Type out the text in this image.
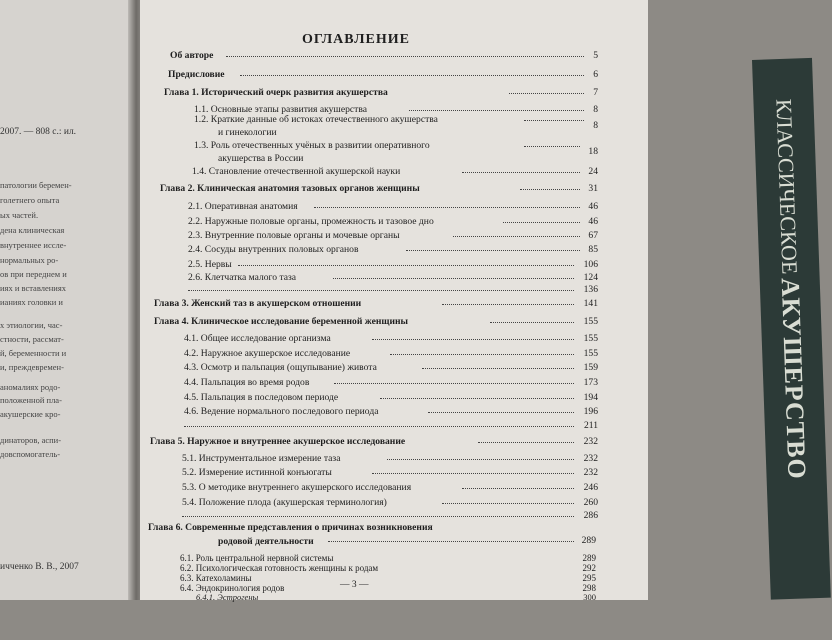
2007. — 808 с.: ил.
патологии беремен-
голетнего опыта
ых частей.
дена клиническая
внутреннее иссле-
нормальных ро-
ов при переднем и
иях и вставлениях
ианиях головки и
х этиологии, час-
стности, рассмат-
й, беременности и
и, преждевремен-
аномалиях родо-
положенной пла-
акушерские кро-
динаторов, аспи-
довспомогатель-
ичченко В. В., 2007
ОГЛАВЛЕНИЕ
Об авторе	5
Предисловие	6
Глава 1. Исторический очерк развития акушерства	7
1.1. Основные этапы развития акушерства	8
1.2. Краткие данные об истоках отечественного акушерства
и гинекологии
8
1.3. Роль отечественных учёных в развитии оперативного
акушерства в России
18
1.4. Становление отечественной акушерской науки	24
Глава 2. Клиническая анатомия тазовых органов женщины	31
2.1. Оперативная анатомия	46
2.2. Наружные половые органы, промежность и тазовое дно	46
2.3. Внутренние половые органы и мочевые органы	67
2.4. Сосуды внутренних половых органов	85
2.5. Нервы	106
2.6. Клетчатка малого таза	124
136
Глава 3. Женский таз в акушерском отношении	141
Глава 4. Клиническое исследование беременной женщины	155
4.1. Общее исследование организма	155
4.2. Наружное акушерское исследование	155
4.3. Осмотр и пальпация (ощупывание) живота	159
4.4. Пальпация во время родов	173
4.5. Пальпация в последовом периоде	194
4.6. Ведение нормального последового периода	196
211
Глава 5. Наружное и внутреннее акушерское исследование	232
5.1. Инструментальное измерение таза	232
5.2. Измерение истинной конъюгаты	232
5.3. О методике внутреннего акушерского исследования	246
5.4. Положение плода (акушерская терминология)	260
286
Глава 6. Современные представления о причинах возникновения
родовой деятельности	289
6.1. Роль центральной нервной системы	289
6.2. Психологическая готовность женщины к родам	292
6.3. Катехоламины	295
6.4. Эндокринология родов	298
6.4.1. Эстрогены	300
— 3 —
КЛАССИЧЕСКОЕ
АКУШЕРСТВО
